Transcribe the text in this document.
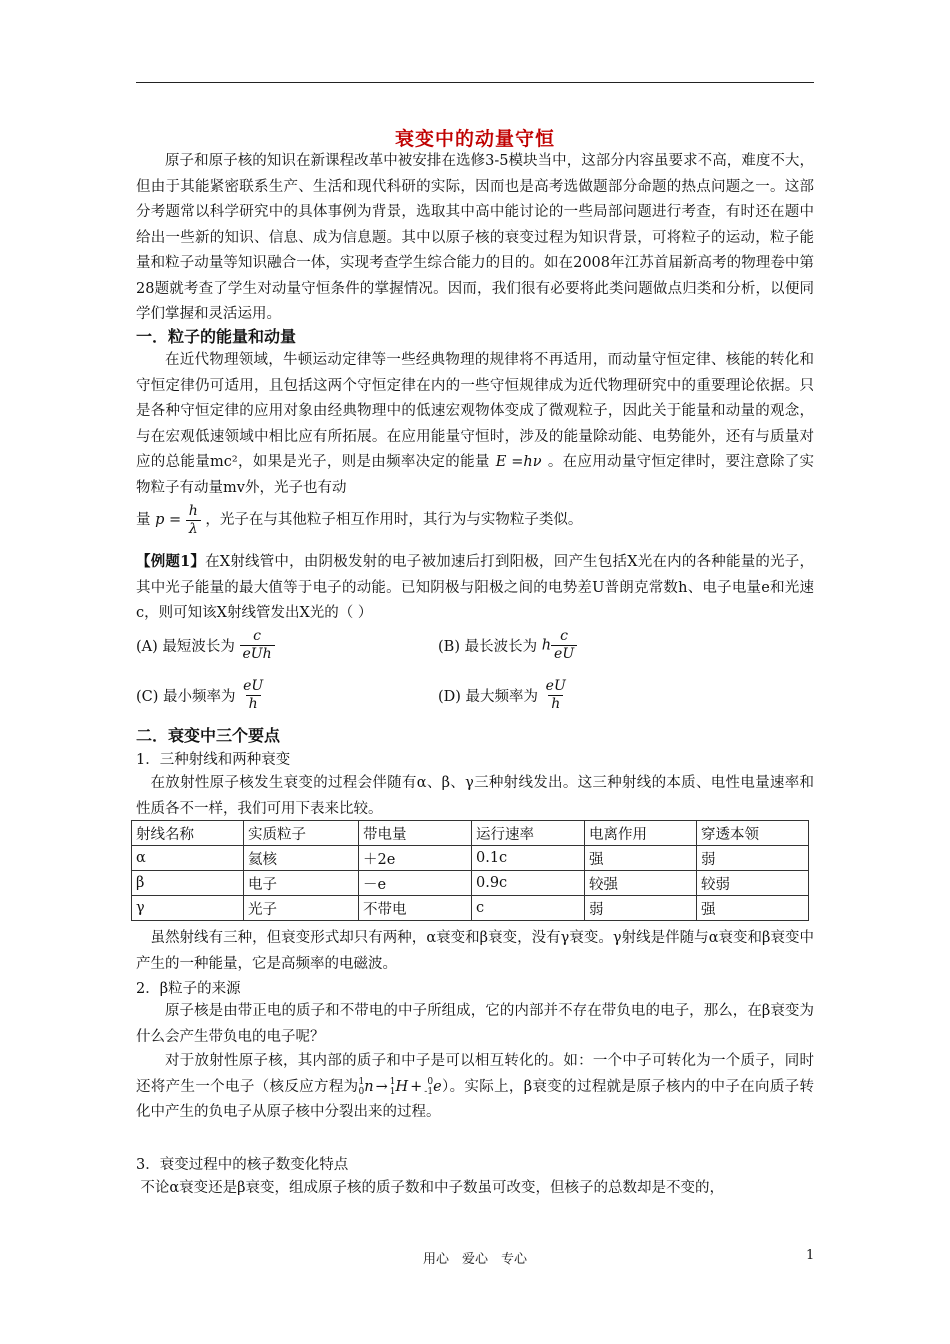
衰变中的动量守恒
原子和原子核的知识在新课程改革中被安排在选修3-5模块当中，这部分内容虽要求不高，难度不大，但由于其能紧密联系生产、生活和现代科研的实际，因而也是高考选做题部分命题的热点问题之一。这部分考题常以科学研究中的具体事例为背景，选取其中高中能讨论的一些局部问题进行考查，有时还在题中给出一些新的知识、信息、成为信息题。其中以原子核的衰变过程为知识背景，可将粒子的运动，粒子能量和粒子动量等知识融合一体，实现考查学生综合能力的目的。如在2008年江苏首届新高考的物理卷中第28题就考查了学生对动量守恒条件的掌握情况。因而，我们很有必要将此类问题做点归类和分析，以便同学们掌握和灵活运用。
一．粒子的能量和动量
在近代物理领域，牛顿运动定律等一些经典物理的规律将不再适用，而动量守恒定律、核能的转化和守恒定律仍可适用，且包括这两个守恒定律在内的一些守恒规律成为近代物理研究中的重要理论依据。只是各种守恒定律的应用对象由经典物理中的低速宏观物体变成了微观粒子，因此关于能量和动量的观念，与在宏观低速领域中相比应有所拓展。在应用能量守恒时，涉及的能量除动能、电势能外，还有与质量对应的总能量mc²，如果是光子，则是由频率决定的能量 E =hν 。在应用动量守恒定律时，要注意除了实物粒子有动量mv外，光子也有动
量 $p = \frac{h}{\lambda}$ ，光子在与其他粒子相互作用时，其行为与实物粒子类似。
【例题1】在X射线管中，由阴极发射的电子被加速后打到阳极，回产生包括X光在内的各种能量的光子，其中光子能量的最大值等于电子的动能。已知阴极与阳极之间的电势差U普朗克常数h、电子电量e和光速c，则可知该X射线管发出X光的（ ）
(A) 最短波长为 $\frac{c}{\text{eUh}}$	(B) 最长波长为 h $\frac{c}{eU}$
(C) 最小频率为 $\frac{eU}{h}$	(D) 最大频率为 $\frac{eU}{h}$
二．衰变中三个要点
1．三种射线和两种衰变
在放射性原子核发生衰变的过程会伴随有α、β、γ三种射线发出。这三种射线的本质、电性电量速率和性质各不一样，我们可用下表来比较。
射线名称	实质粒子	带电量	运行速率	电离作用	穿透本领
α	氦核	＋2e	0.1c	强	弱
β	电子	－e	0.9c	较强	较弱
γ	光子	不带电	c	弱	强
虽然射线有三种，但衰变形式却只有两种，α衰变和β衰变，没有γ衰变。γ射线是伴随与α衰变和β衰变中产生的一种能量，它是高频率的电磁波。
2．β粒子的来源
原子核是由带正电的质子和不带电的中子所组成，它的内部并不存在带负电的电子，那么，在β衰变为什么会产生带负电的电子呢？
对于放射性原子核，其内部的质子和中子是可以相互转化的。如：一个中子可转化为一个质子，同时还将产生一个电子（核反应方程为 1
0 n → 1
1 H + 0
-1 e）。实际上，β衰变的过程就是原子核内的中子在向质子转化中产生的负电子从原子核中分裂出来的过程。
3．衰变过程中的核子数变化特点
不论α衰变还是β衰变，组成原子核的质子数和中子数虽可改变，但核子的总数却是不变的，
用心　爱心　专心	1
